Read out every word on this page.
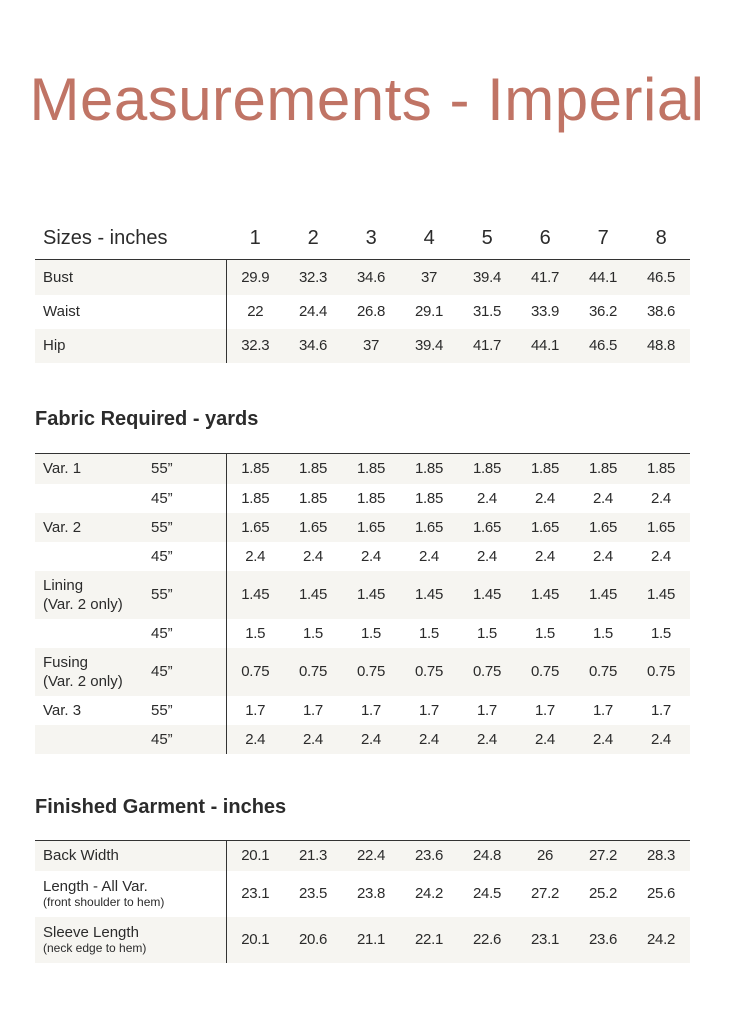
Measurements - Imperial
Sizes - inches	1	2	3	4	5	6	7	8
Bust	29.9	32.3	34.6	37	39.4	41.7	44.1	46.5
Waist	22	24.4	26.8	29.1	31.5	33.9	36.2	38.6
Hip	32.3	34.6	37	39.4	41.7	44.1	46.5	48.8
Fabric Required - yards
Var. 1	55”	1.85	1.85	1.85	1.85	1.85	1.85	1.85	1.85
	45”	1.85	1.85	1.85	1.85	2.4	2.4	2.4	2.4

Var. 2	55”	1.65	1.65	1.65	1.65	1.65	1.65	1.65	1.65
	45”	2.4	2.4	2.4	2.4	2.4	2.4	2.4	2.4

Lining
(Var. 2 only)	55”	1.45	1.45	1.45	1.45	1.45	1.45	1.45	1.45
	45”	1.5	1.5	1.5	1.5	1.5	1.5	1.5	1.5

Fusing
(Var. 2 only)	45”	0.75	0.75	0.75	0.75	0.75	0.75	0.75	0.75

Var. 3	55”	1.7	1.7	1.7	1.7	1.7	1.7	1.7	1.7
	45”	2.4	2.4	2.4	2.4	2.4	2.4	2.4	2.4
Finished Garment - inches
Back Width	20.1	21.3	22.4	23.6	24.8	26	27.2	28.3

Length - All Var.
(front shoulder to hem)	23.1	23.5	23.8	24.2	24.5	27.2	25.2	25.6

Sleeve Length
(neck edge to hem)	20.1	20.6	21.1	22.1	22.6	23.1	23.6	24.2
